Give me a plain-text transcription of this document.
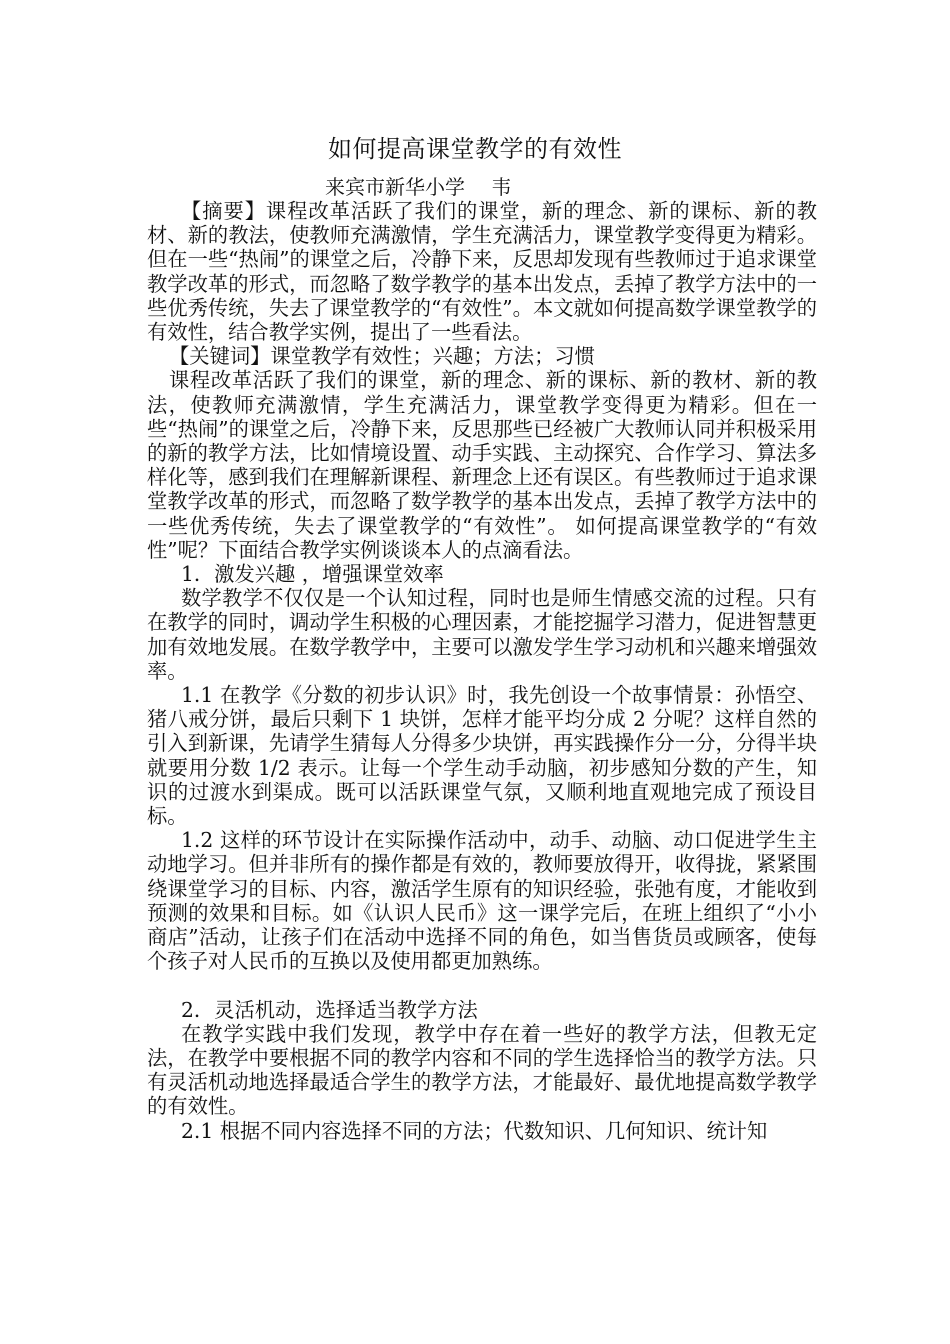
如何提高课堂教学的有效性
来宾市新华小学　 韦

【摘要】课程改革活跃了我们的课堂，新的理念、新的课标、新的教材、新的教法，使教师充满激情，学生充满活力，课堂教学变得更为精彩。但在一些“热闹”的课堂之后，冷静下来，反思却发现有些教师过于追求课堂教学改革的形式，而忽略了数学教学的基本出发点，丢掉了教学方法中的一些优秀传统，失去了课堂教学的“有效性”。本文就如何提高数学课堂教学的有效性，结合教学实例，提出了一些看法。

【关键词】课堂教学有效性；兴趣；方法；习惯

课程改革活跃了我们的课堂，新的理念、新的课标、新的教材、新的教法，使教师充满激情，学生充满活力，课堂教学变得更为精彩。但在一些“热闹”的课堂之后，冷静下来，反思那些已经被广大教师认同并积极采用的新的教学方法，比如情境设置、动手实践、主动探究、合作学习、算法多样化等，感到我们在理解新课程、新理念上还有误区。有些教师过于追求课堂教学改革的形式，而忽略了数学教学的基本出发点，丢掉了教学方法中的一些优秀传统，失去了课堂教学的“有效性”。 如何提高课堂教学的“有效性”呢？下面结合教学实例谈谈本人的点滴看法。

1．激发兴趣 ，增强课堂效率

数学教学不仅仅是一个认知过程，同时也是师生情感交流的过程。只有在教学的同时，调动学生积极的心理因素，才能挖掘学习潜力，促进智慧更加有效地发展。在数学教学中，主要可以激发学生学习动机和兴趣来增强效率。

1.1 在教学《分数的初步认识》时，我先创设一个故事情景：孙悟空、猪八戒分饼，最后只剩下 1 块饼，怎样才能平均分成 2 分呢？这样自然的引入到新课，先请学生猜每人分得多少块饼，再实践操作分一分，分得半块就要用分数 1/2 表示。让每一个学生动手动脑，初步感知分数的产生，知识的过渡水到渠成。既可以活跃课堂气氛，又顺利地直观地完成了预设目标。

1.2 这样的环节设计在实际操作活动中，动手、动脑、动口促进学生主动地学习。但并非所有的操作都是有效的，教师要放得开，收得拢，紧紧围绕课堂学习的目标、内容，激活学生原有的知识经验，张弛有度，才能收到预测的效果和目标。如《认识人民币》这一课学完后，在班上组织了“小小商店”活动，让孩子们在活动中选择不同的角色，如当售货员或顾客，使每个孩子对人民币的互换以及使用都更加熟练。

2．灵活机动，选择适当教学方法

在教学实践中我们发现，教学中存在着一些好的教学方法，但教无定法，在教学中要根据不同的教学内容和不同的学生选择恰当的教学方法。只有灵活机动地选择最适合学生的教学方法，才能最好、最优地提高数学教学的有效性。

2.1 根据不同内容选择不同的方法；代数知识、几何知识、统计知
